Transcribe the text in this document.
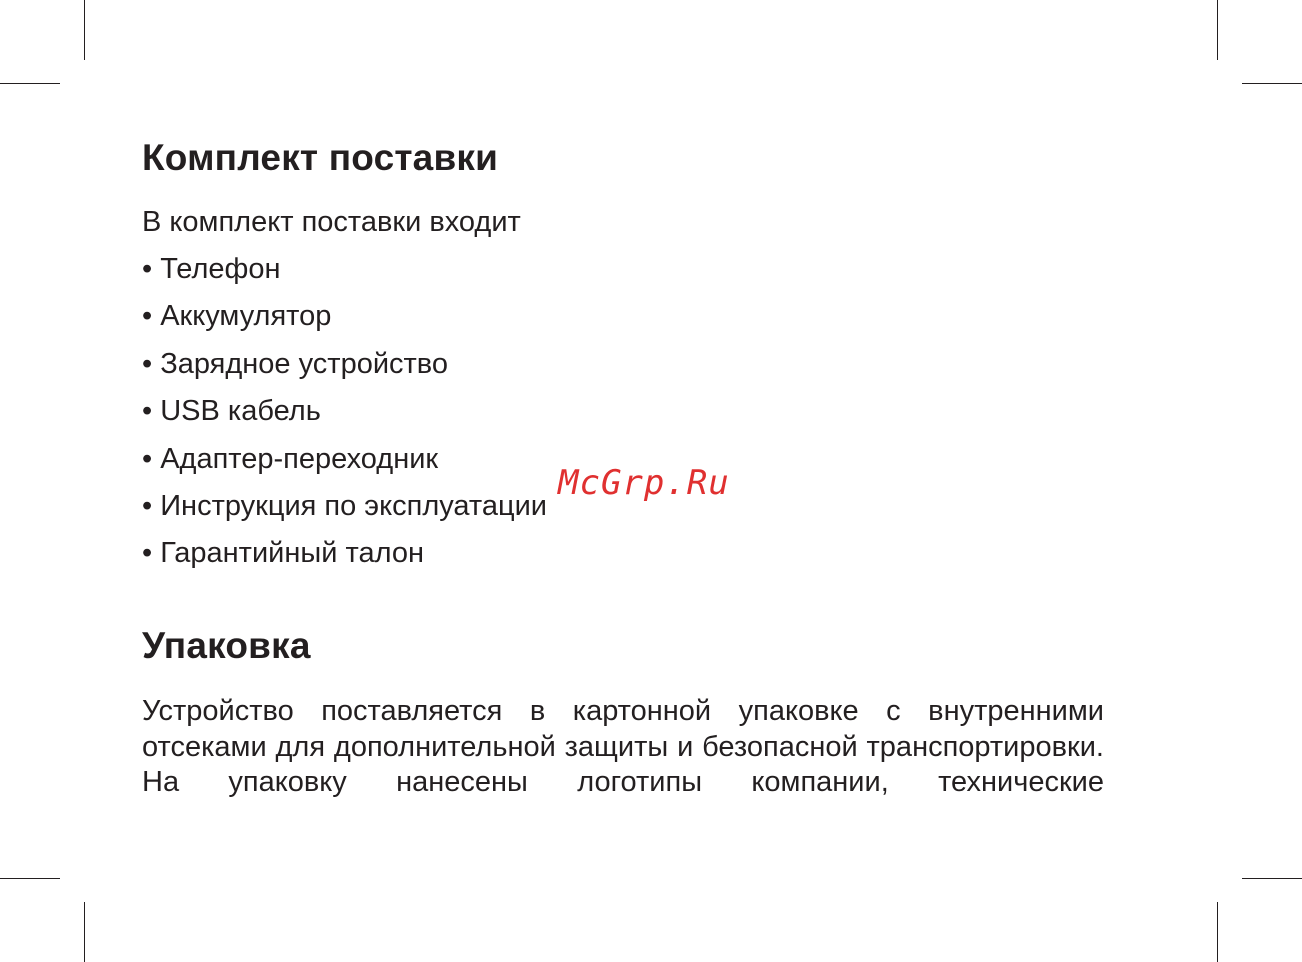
Комплект поставки
В комплект поставки входит
• Телефон
• Аккумулятор
• Зарядное устройство
• USB кабель
• Адаптер-переходник
• Инструкция по эксплуатации
• Гарантийный талон
Упаковка

Устройство поставляется в картонной упаковке с внутренними отсеками для дополнительной защиты и безопасной транспортировки. На упаковку нанесены логотипы компании, технические

McGrp.Ru
